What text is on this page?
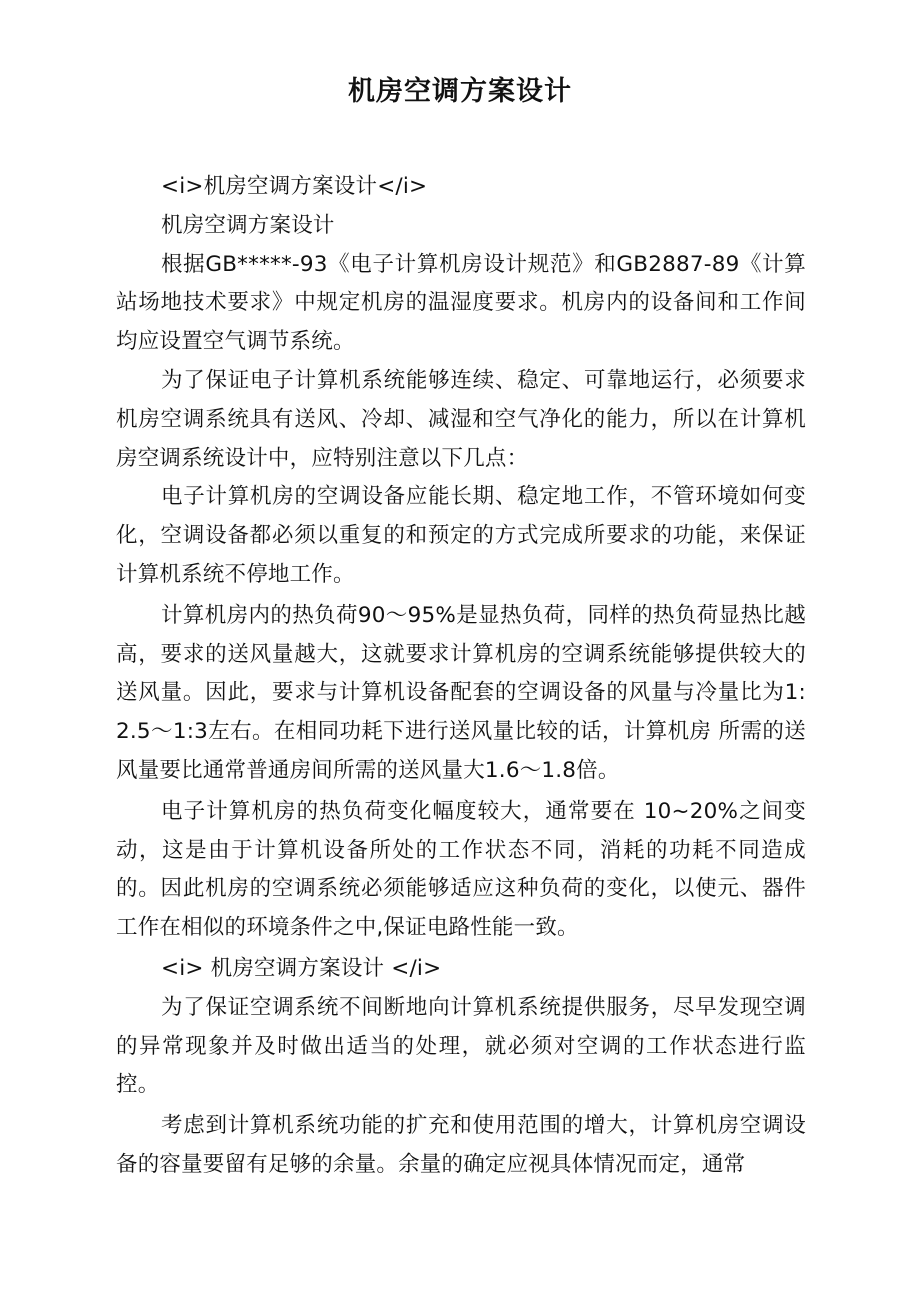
机房空调方案设计

<i>机房空调方案设计</i>

机房空调方案设计

根据GB*****-93《电子计算机房设计规范》和GB2887-89《计算站场地技术要求》中规定机房的温湿度要求。机房内的设备间和工作间均应设置空气调节系统。

为了保证电子计算机系统能够连续、稳定、可靠地运行，必须要求机房空调系统具有送风、冷却、减湿和空气净化的能力，所以在计算机房空调系统设计中，应特别注意以下几点：

电子计算机房的空调设备应能长期、稳定地工作，不管环境如何变化，空调设备都必须以重复的和预定的方式完成所要求的功能，来保证计算机系统不停地工作。

计算机房内的热负荷90〜95%是显热负荷，同样的热负荷显热比越高，要求的送风量越大，这就要求计算机房的空调系统能够提供较大的送风量。因此，要求与计算机设备配套的空调设备的风量与冷量比为1:2.5〜1:3左右。在相同功耗下进行送风量比较的话，计算机房 所需的送风量要比通常普通房间所需的送风量大1.6〜1.8倍。

电子计算机房的热负荷变化幅度较大，通常要在 10~20%之间变动，这是由于计算机设备所处的工作状态不同，消耗的功耗不同造成的。因此机房的空调系统必须能够适应这种负荷的变化，以使元、器件工作在相似的环境条件之中,保证电路性能一致。

<i> 机房空调方案设计 </i>

为了保证空调系统不间断地向计算机系统提供服务，尽早发现空调的异常现象并及时做出适当的处理，就必须对空调的工作状态进行监控。

考虑到计算机系统功能的扩充和使用范围的增大，计算机房空调设备的容量要留有足够的余量。余量的确定应视具体情况而定，通常
